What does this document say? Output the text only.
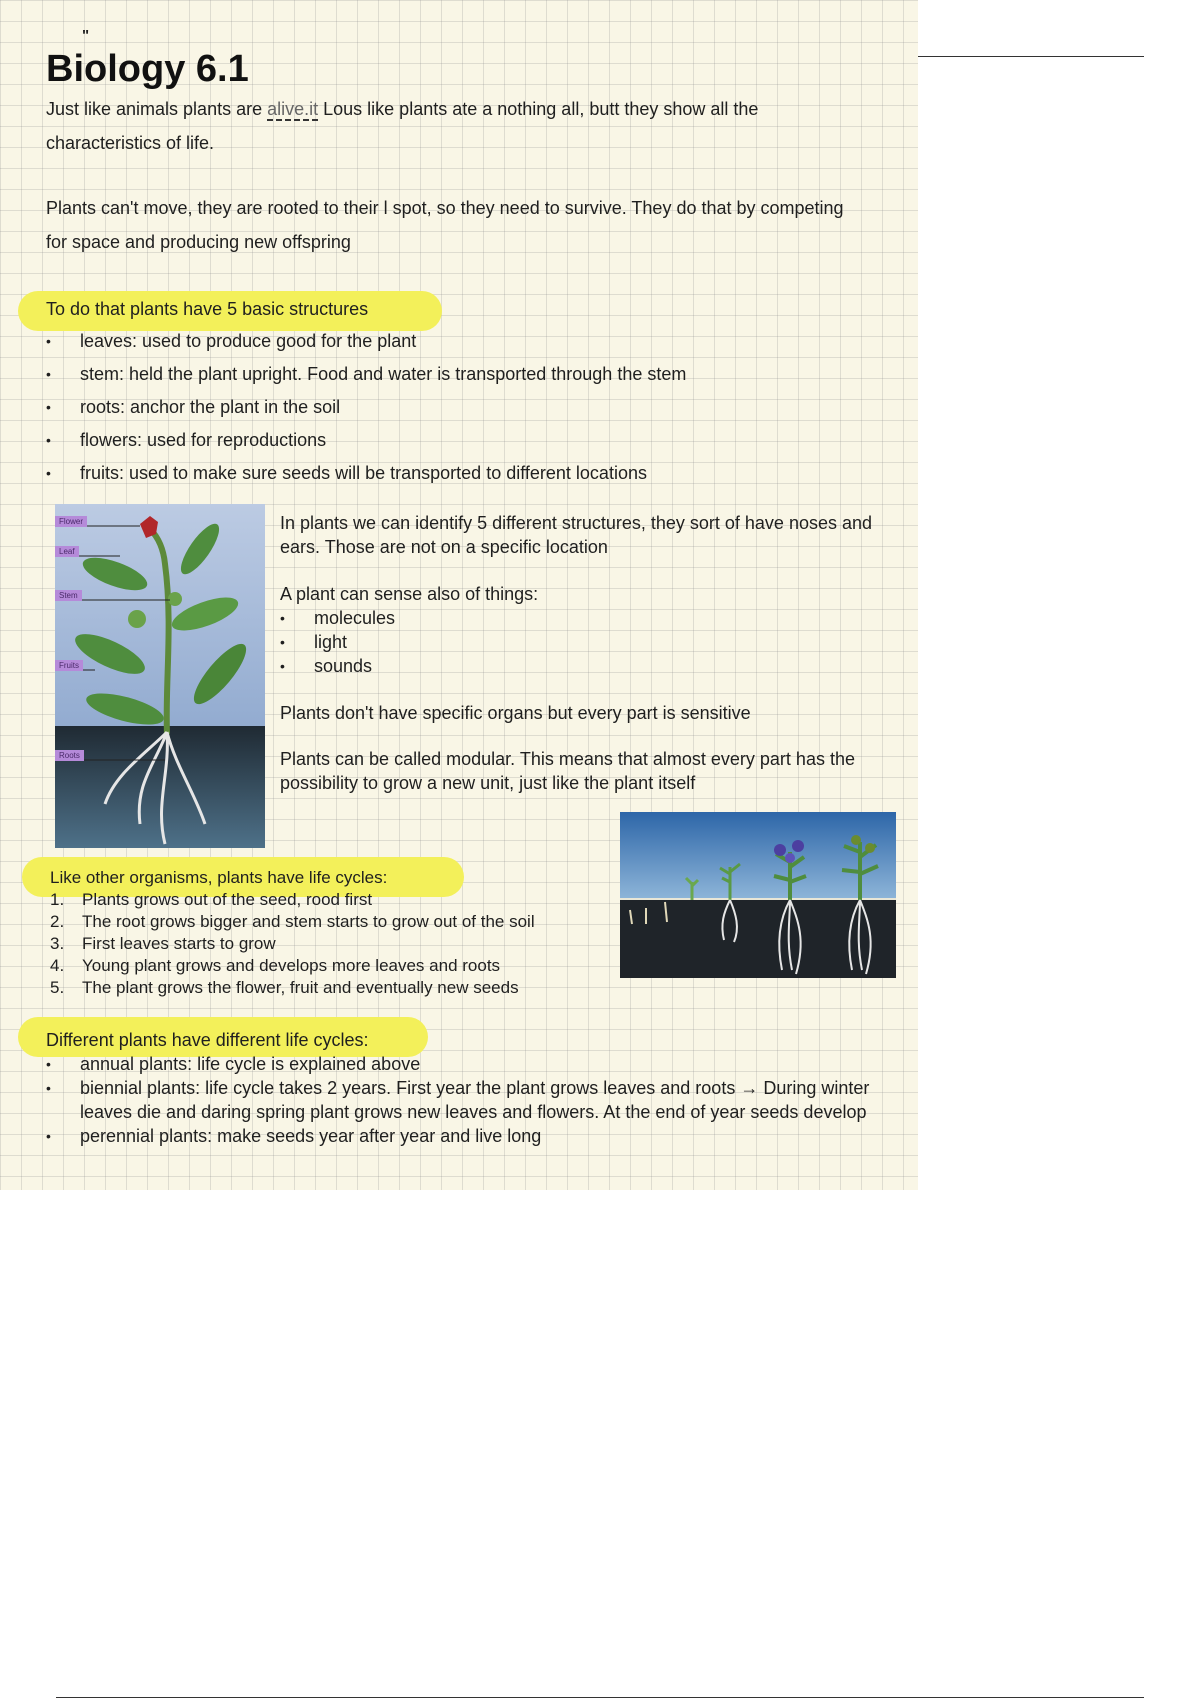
"
Biology 6.1

Just like animals plants are alive.it Lous like plants ate a nothing all, butt they show all the characteristics of life.

Plants can't move, they are rooted to their l spot, so they need to survive. They do that by competing for space and producing new offspring

To do that plants have 5 basic structures
• leaves: used to produce good for the plant
• stem: held the plant upright. Food and water is transported through the stem
• roots: anchor the plant in the soil
• flowers: used for reproductions
• fruits: used to make sure seeds will be transported to different locations
Flower
Leaf
Stem
Fruits
Roots

In plants we can identify 5 different structures, they sort of have noses and ears. Those are not on a specific location

A plant can sense also of things:

• molecules
• light
• sounds

Plants don't have specific organs but every part is sensitive

Plants can be called modular. This means that almost every part has the possibility to grow a new unit, just like the plant itself

Like other organisms, plants have life cycles:
1. Plants grows out of the seed, rood first
2. The root grows bigger and stem starts to grow out of the soil
3. First leaves starts to grow
4. Young plant grows and develops more leaves and roots
5. The plant grows the flower, fruit and eventually new seeds
Different plants have different life cycles:
• annual plants: life cycle is explained above
• biennial plants: life cycle takes 2 years. First year the plant grows leaves and roots → During winter leaves die and daring spring plant grows new leaves and flowers. At the end of year seeds develop
• perennial plants: make seeds year after year and live long
